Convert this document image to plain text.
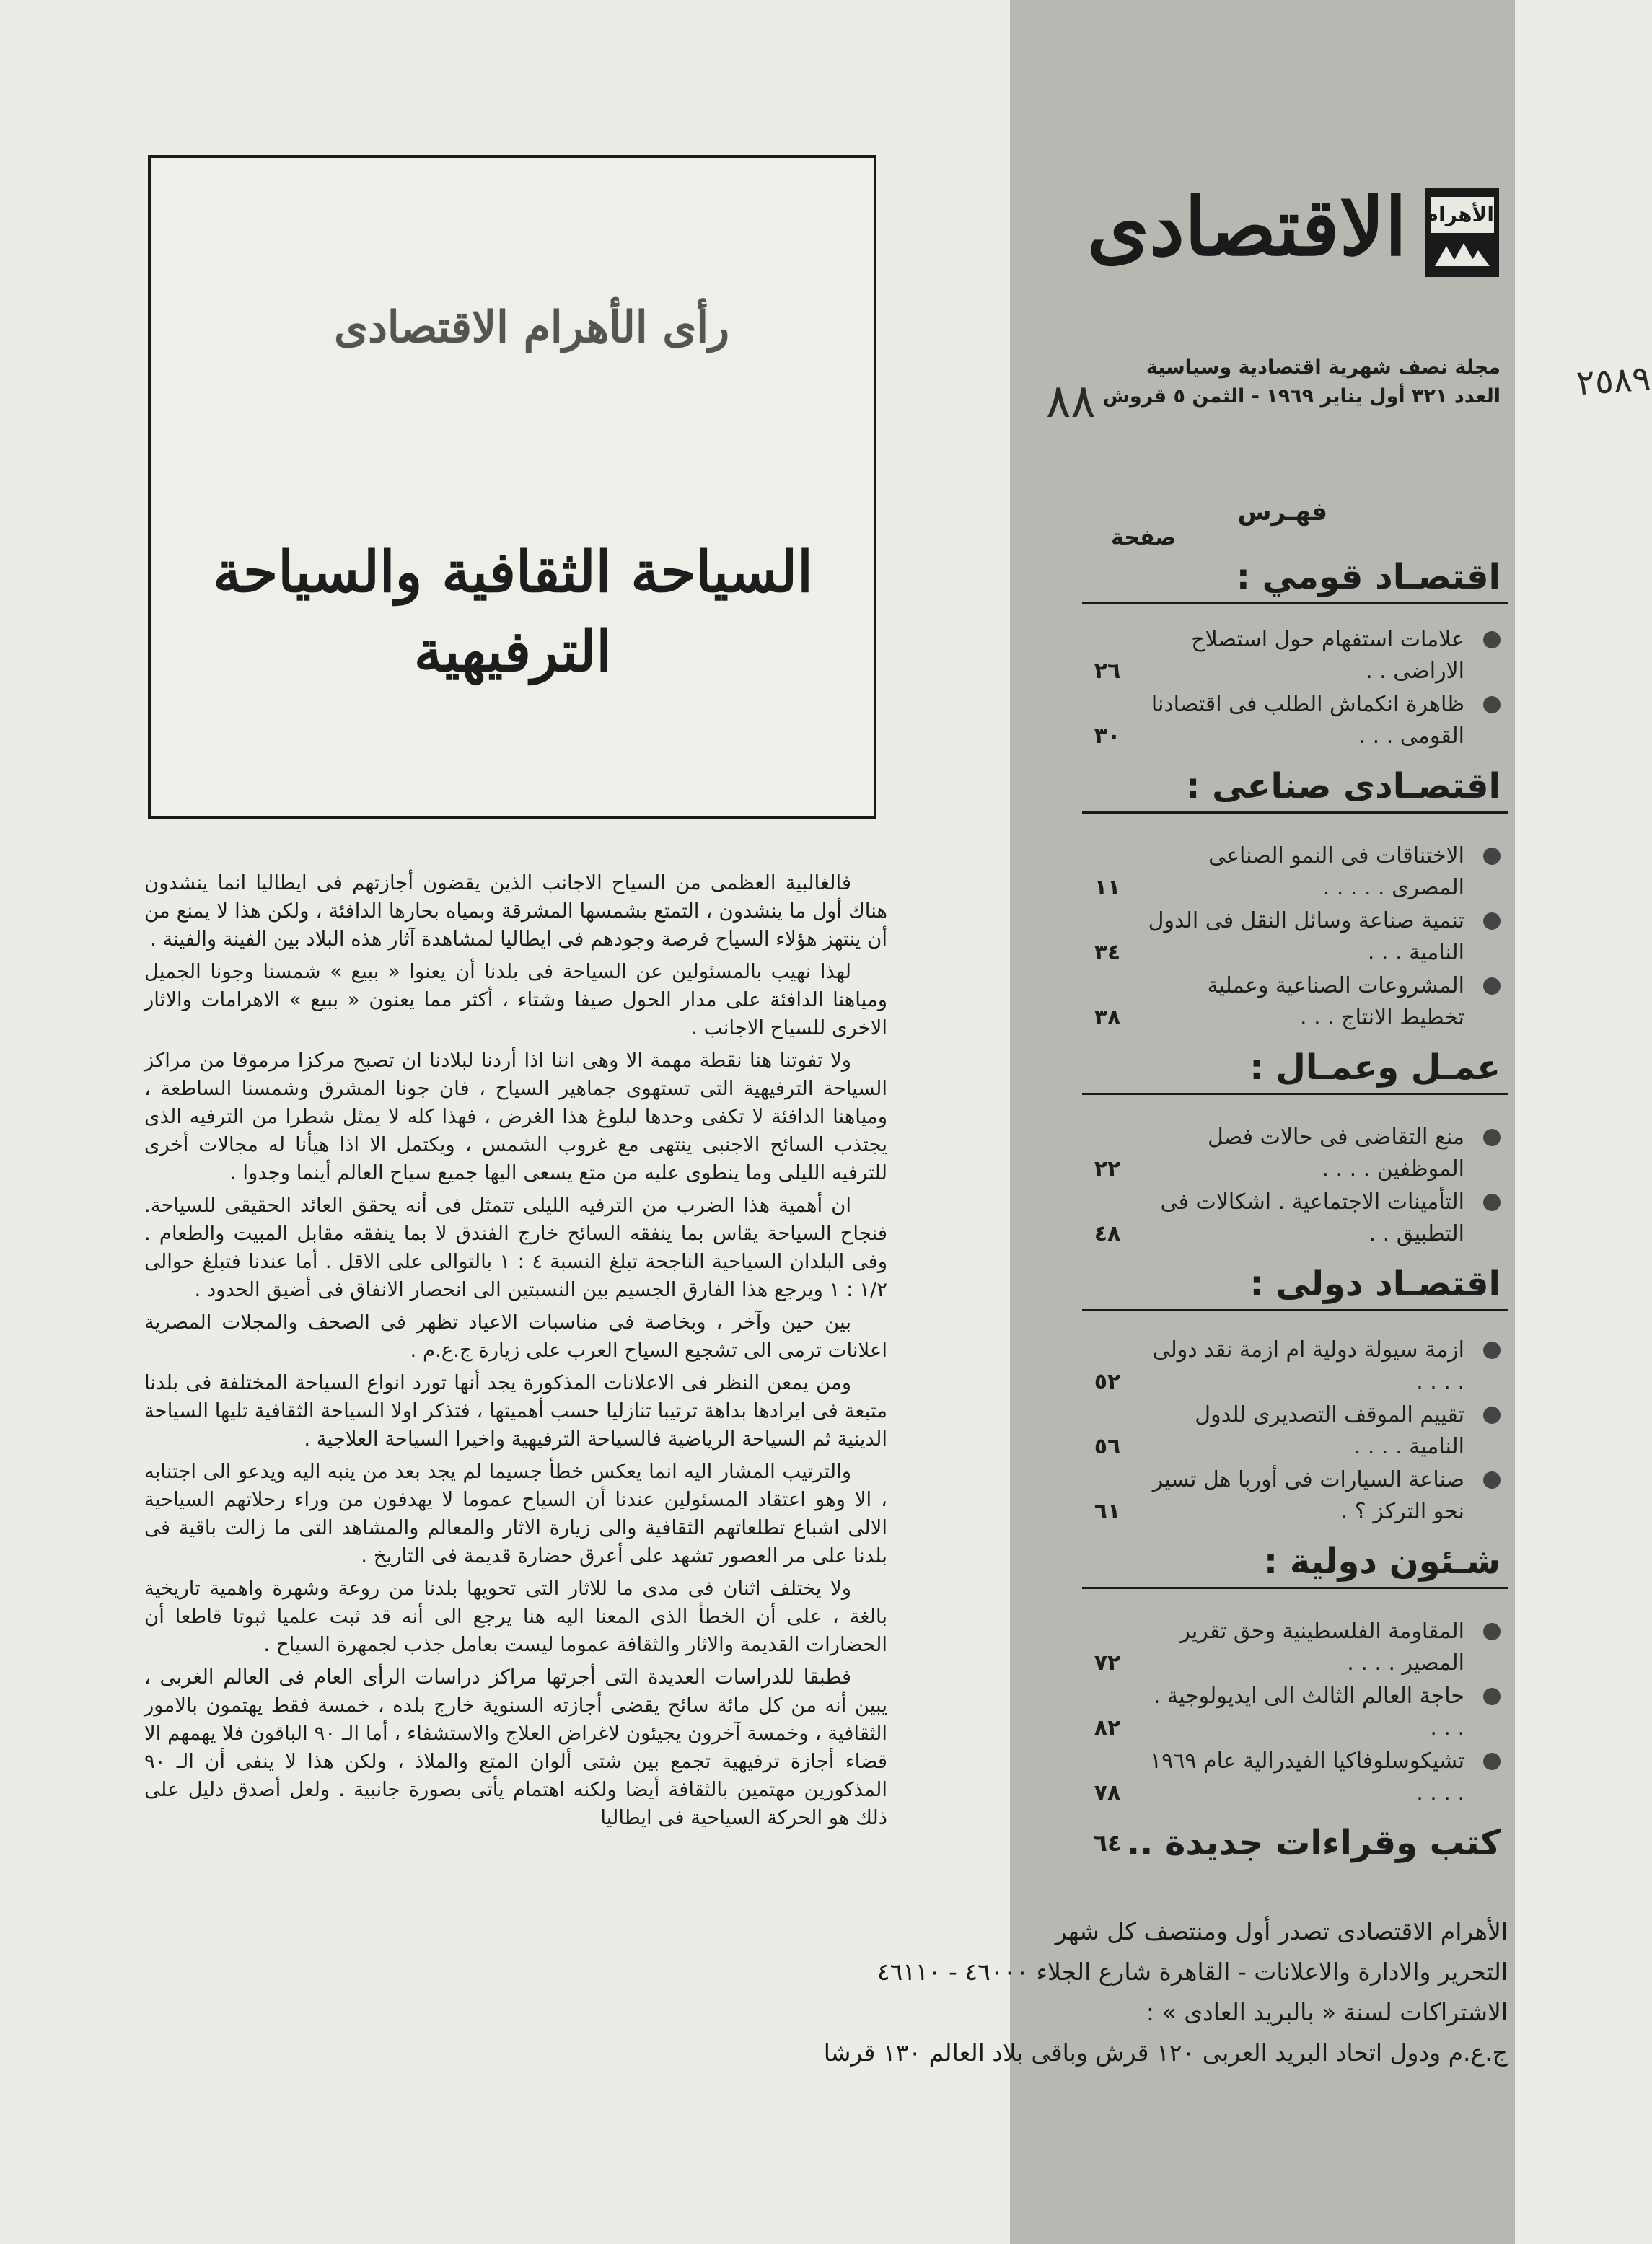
الأهرام
الاقتصادى
مجلة نصف شهرية اقتصادية وسياسية
العدد ٣٢١ أول يناير ١٩٦٩ - الثمن ٥ قروش ٢٥٨٩
٨٨
فهـرس
صفحة
اقتصـاد قومي :
علامات استفهام حول استصلاح الاراضى . .
٢٦
ظاهرة انكماش الطلب فى اقتصادنا القومى . . .
٣٠
اقتصـادى صناعى :
الاختناقات فى النمو الصناعى المصرى . . . . .
١١
تنمية صناعة وسائل النقل فى الدول النامية . . .
٣٤
المشروعات الصناعية وعملية تخطيط الانتاج . . .
٣٨
عمـل وعمـال :
منع التقاضى فى حالات فصل الموظفين . . . .
٢٢
التأمينات الاجتماعية . اشكالات فى التطبيق . .
٤٨
اقتصـاد دولى :
ازمة سيولة دولية ام ازمة نقد دولى . . . .
٥٢
تقييم الموقف التصديرى للدول النامية . . . .
٥٦
صناعة السيارات فى أوربا هل تسير نحو التركز ؟ .
٦١
شـئون دولية :
المقاومة الفلسطينية وحق تقرير المصير . . . .
٧٢
حاجة العالم الثالث الى ايديولوجية . . . .
٨٢
تشيكوسلوفاكيا الفيدرالية عام ١٩٦٩ . . . .
٧٨
كتب وقراءات جديدة ..
٦٤
الأهرام الاقتصادى تصدر أول ومنتصف كل شهر
التحرير والادارة والاعلانات - القاهرة شارع الجلاء ٤٦٠٠٠ - ٤٦١١٠
الاشتراكات لسنة « بالبريد العادى » :
ج.ع.م ودول اتحاد البريد العربى ١٢٠ قرش وباقى بلاد العالم ١٣٠ قرشا
رأى الأهرام الاقتصادى
السياحة الثقافية والسياحة الترفيهية

فالغالبية العظمى من السياح الاجانب الذين يقضون أجازتهم فى ايطاليا انما ينشدون هناك أول ما ينشدون ، التمتع بشمسها المشرقة وبمياه بحارها الدافئة ، ولكن هذا لا يمنع من أن ينتهز هؤلاء السياح فرصة وجودهم فى ايطاليا لمشاهدة آثار هذه البلاد بين الفينة والفينة .

لهذا نهيب بالمسئولين عن السياحة فى بلدنا أن يعنوا « ببيع » شمسنا وجونا الجميل ومياهنا الدافئة على مدار الحول صيفا وشتاء ، أكثر مما يعنون « ببيع » الاهرامات والاثار الاخرى للسياح الاجانب .

ولا تفوتنا هنا نقطة مهمة الا وهى اننا اذا أردنا لبلادنا ان تصبح مركزا مرموقا من مراكز السياحة الترفيهية التى تستهوى جماهير السياح ، فان جونا المشرق وشمسنا الساطعة ، ومياهنا الدافئة لا تكفى وحدها لبلوغ هذا الغرض ، فهذا كله لا يمثل شطرا من الترفيه الذى يجتذب السائح الاجنبى ينتهى مع غروب الشمس ، ويكتمل الا اذا هيأنا له مجالات أخرى للترفيه الليلى وما ينطوى عليه من متع يسعى اليها جميع سياح العالم أينما وجدوا .

ان أهمية هذا الضرب من الترفيه الليلى تتمثل فى أنه يحقق العائد الحقيقى للسياحة. فنجاح السياحة يقاس بما ينفقه السائح خارج الفندق لا بما ينفقه مقابل المبيت والطعام . وفى البلدان السياحية الناجحة تبلغ النسبة ٤ : ١ بالتوالى على الاقل . أما عندنا فتبلغ حوالى ١/٢ : ١ ويرجع هذا الفارق الجسيم بين النسبتين الى انحصار الانفاق فى أضيق الحدود .

بين حين وآخر ، وبخاصة فى مناسبات الاعياد تظهر فى الصحف والمجلات المصرية اعلانات ترمى الى تشجيع السياح العرب على زيارة ج.ع.م .

ومن يمعن النظر فى الاعلانات المذكورة يجد أنها تورد انواع السياحة المختلفة فى بلدنا متبعة فى ايرادها بداهة ترتيبا تنازليا حسب أهميتها ، فتذكر اولا السياحة الثقافية تليها السياحة الدينية ثم السياحة الرياضية فالسياحة الترفيهية واخيرا السياحة العلاجية .

والترتيب المشار اليه انما يعكس خطأ جسيما لم يجد بعد من ينبه اليه ويدعو الى اجتنابه ، الا وهو اعتقاد المسئولين عندنا أن السياح عموما لا يهدفون من وراء رحلاتهم السياحية الالى اشباع تطلعاتهم الثقافية والى زيارة الاثار والمعالم والمشاهد التى ما زالت باقية فى بلدنا على مر العصور تشهد على أعرق حضارة قديمة فى التاريخ .

ولا يختلف اثنان فى مدى ما للاثار التى تحويها بلدنا من روعة وشهرة واهمية تاريخية بالغة ، على أن الخطأ الذى المعنا اليه هنا يرجع الى أنه قد ثبت علميا ثبوتا قاطعا أن الحضارات القديمة والاثار والثقافة عموما ليست بعامل جذب لجمهرة السياح .

فطبقا للدراسات العديدة التى أجرتها مراكز دراسات الرأى العام فى العالم الغربى ، يبين أنه من كل مائة سائح يقضى أجازته السنوية خارج بلده ، خمسة فقط يهتمون بالامور الثقافية ، وخمسة آخرون يجيئون لاغراض العلاج والاستشفاء ، أما الـ ٩٠ الباقون فلا يهمهم الا قضاء أجازة ترفيهية تجمع بين شتى ألوان المتع والملاذ ، ولكن هذا لا ينفى أن الـ ٩٠ المذكورين مهتمين بالثقافة أيضا ولكنه اهتمام يأتى بصورة جانبية . ولعل أصدق دليل على ذلك هو الحركة السياحية فى ايطاليا
